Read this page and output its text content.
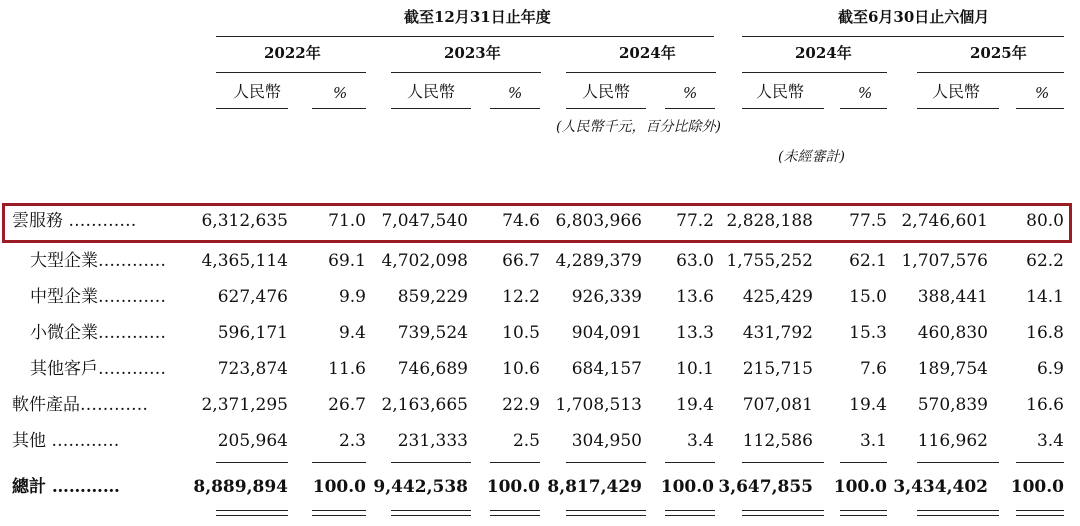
截至12月31日止年度	截至6月30日止六個月
2022年	2023年	2024年	2024年	2025年
人民幣	%	人民幣	%	人民幣	%	人民幣	%	人民幣	%
(人民幣千元，百分比除外)
(未經審計)
雲服務 …………	6,312,635 71.0 7,047,540 74.6 6,803,966 77.2 2,828,188 77.5 2,746,601 80.0
大型企業………… 4,365,114 69.1 4,702,098 66.7 4,289,379 63.0 1,755,252 62.1 1,707,576 62.2
中型企業…………	627,476	9.9 859,229 12.2 926,339 13.6 425,429 15.0 388,441 14.1
小微企業…………	596,171	9.4 739,524 10.5 904,091 13.3 431,792 15.3 460,830 16.8
其他客戶…………	723,874 11.6 746,689 10.6 684,157 10.1 215,715	7.6 189,754	6.9
軟件產品…………	2,371,295 26.7 2,163,665 22.9 1,708,513 19.4 707,081 19.4 570,839 16.6
其他 …………	205,964	2.3 231,333	2.5 304,950	3.4 112,586	3.1 116,962	3.4
總計 …………	8,889,894 100.0 9,442,538 100.0 8,817,429 100.0 3,647,855 100.0 3,434,402 100.0
